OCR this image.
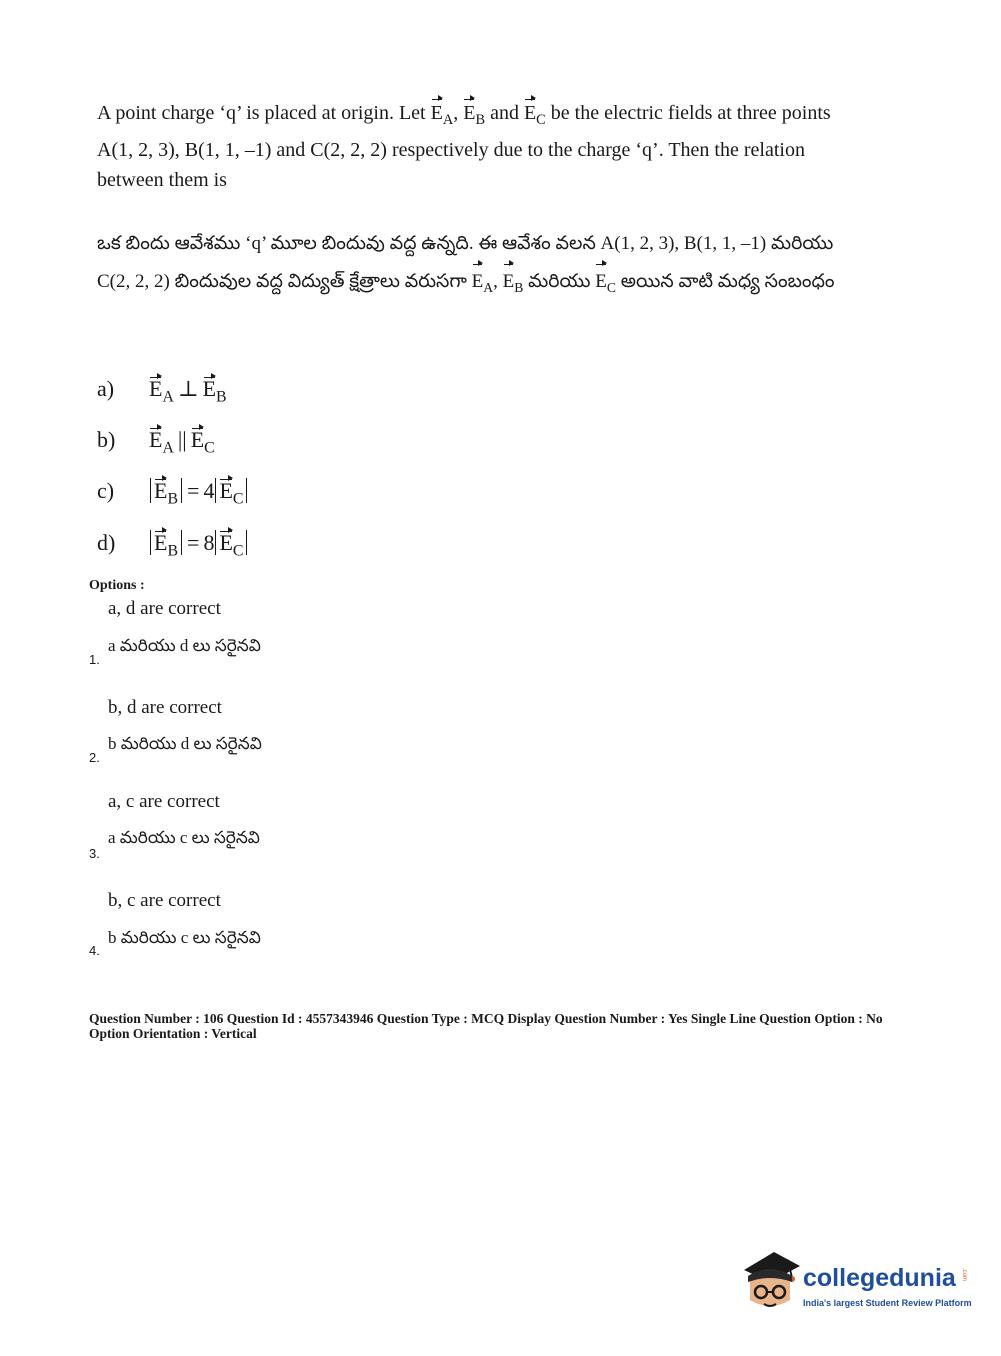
A point charge ‘q’ is placed at origin. Let $E_A$, $E_B$ and $E_C$ be the electric fields at three points A(1, 2, 3), B(1, 1, –1) and C(2, 2, 2) respectively due to the charge ‘q’. Then the relation between them is
ఒక బిందు ఆవేశము ‘q’ మూల బిందువు వద్ద ఉన్నది. ఈ ఆవేశం వలన A(1, 2, 3), B(1, 1, –1) మరియు C(2, 2, 2) బిందువుల వద్ద విద్యుత్ క్షేత్రాలు వరుసగా $E_A$, $E_B$ మరియు $E_C$ అయిన వాటి మధ్య సంబంధం
a) $E_A$ ⊥ $E_B$
b) $E_A$ || $E_C$
c) $E_B = 4$ $E_C$
d) $E_B = 8$ $E_C$
Options :
a, d are correct
a మరియు d లు సరైనవి
1.
b, d are correct
b మరియు d లు సరైనవి
2.
a, c are correct
a మరియు c లు సరైనవి
3.
b, c are correct
b మరియు c లు సరైనవి
4.
Question Number : 106 Question Id : 4557343946 Question Type : MCQ Display Question Number : Yes Single Line Question Option : No Option Orientation : Vertical
collegedunia .com
India's largest Student Review Platform
